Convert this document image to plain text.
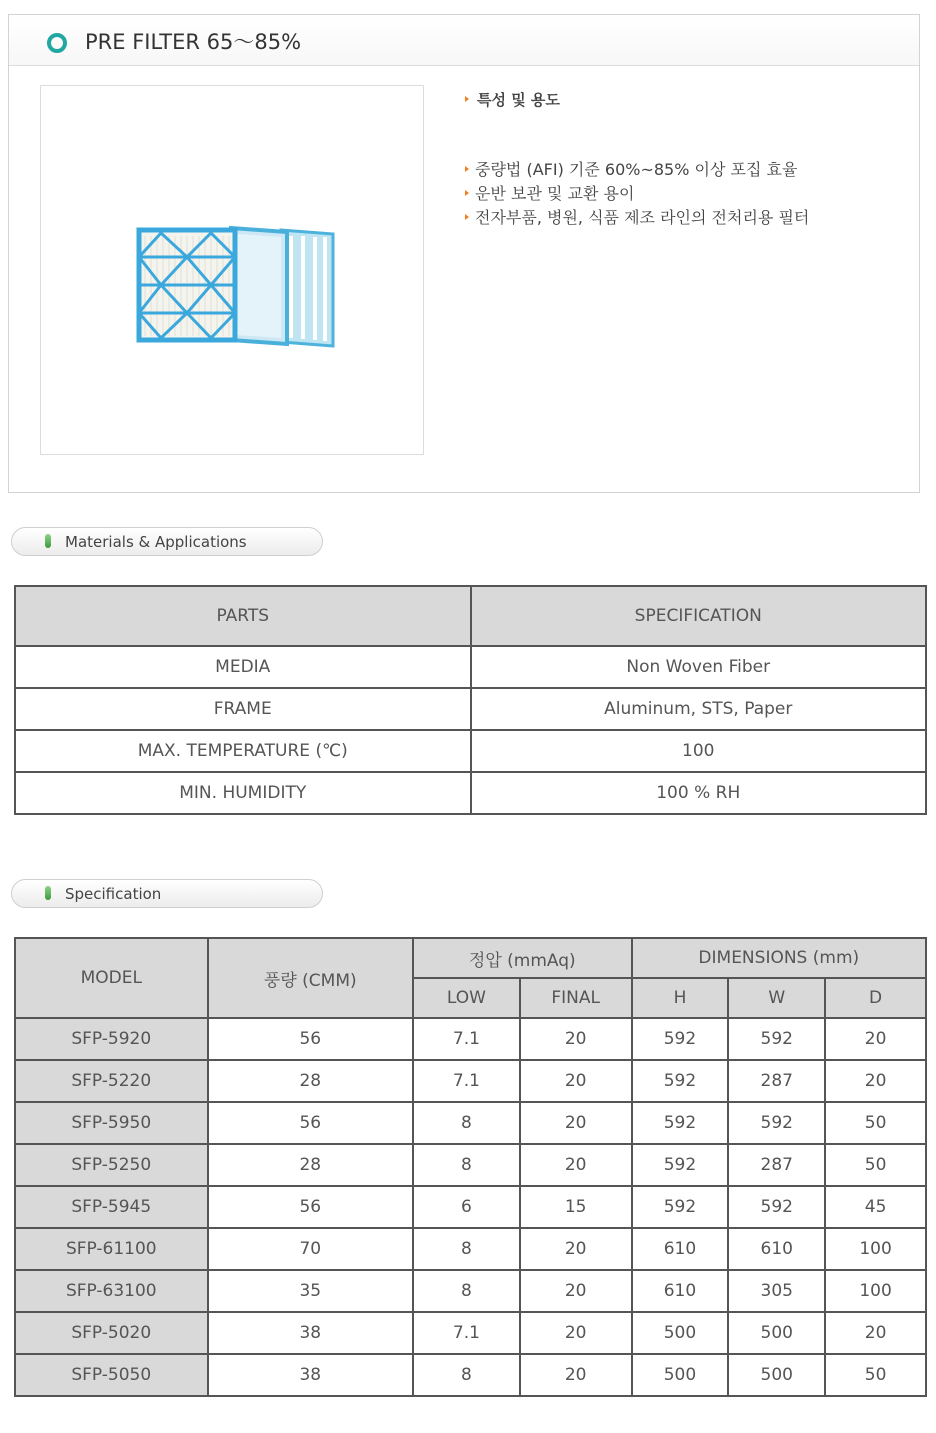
PRE FILTER 65～85%
특성 및 용도
중량법 (AFI) 기준 60%~85% 이상 포집 효율
운반 보관 및 교환 용이
전자부품, 병원, 식품 제조 라인의 전처리용 필터
Materials & Applications
PARTS	SPECIFICATION
MEDIA	Non Woven Fiber
FRAME	Aluminum, STS, Paper
MAX. TEMPERATURE (℃)	100
MIN. HUMIDITY	100 % RH
Specification
MODEL	풍량 (CMM)	정압 (mmAq)		DIMENSIONS (mm)		
		LOW	FINAL	H	W	D
SFP-5920	56	7.1	20	592	592	20
SFP-5220	28	7.1	20	592	287	20
SFP-5950	56	8	20	592	592	50
SFP-5250	28	8	20	592	287	50
SFP-5945	56	6	15	592	592	45
SFP-61100	70	8	20	610	610	100
SFP-63100	35	8	20	610	305	100
SFP-5020	38	7.1	20	500	500	20
SFP-5050	38	8	20	500	500	50
